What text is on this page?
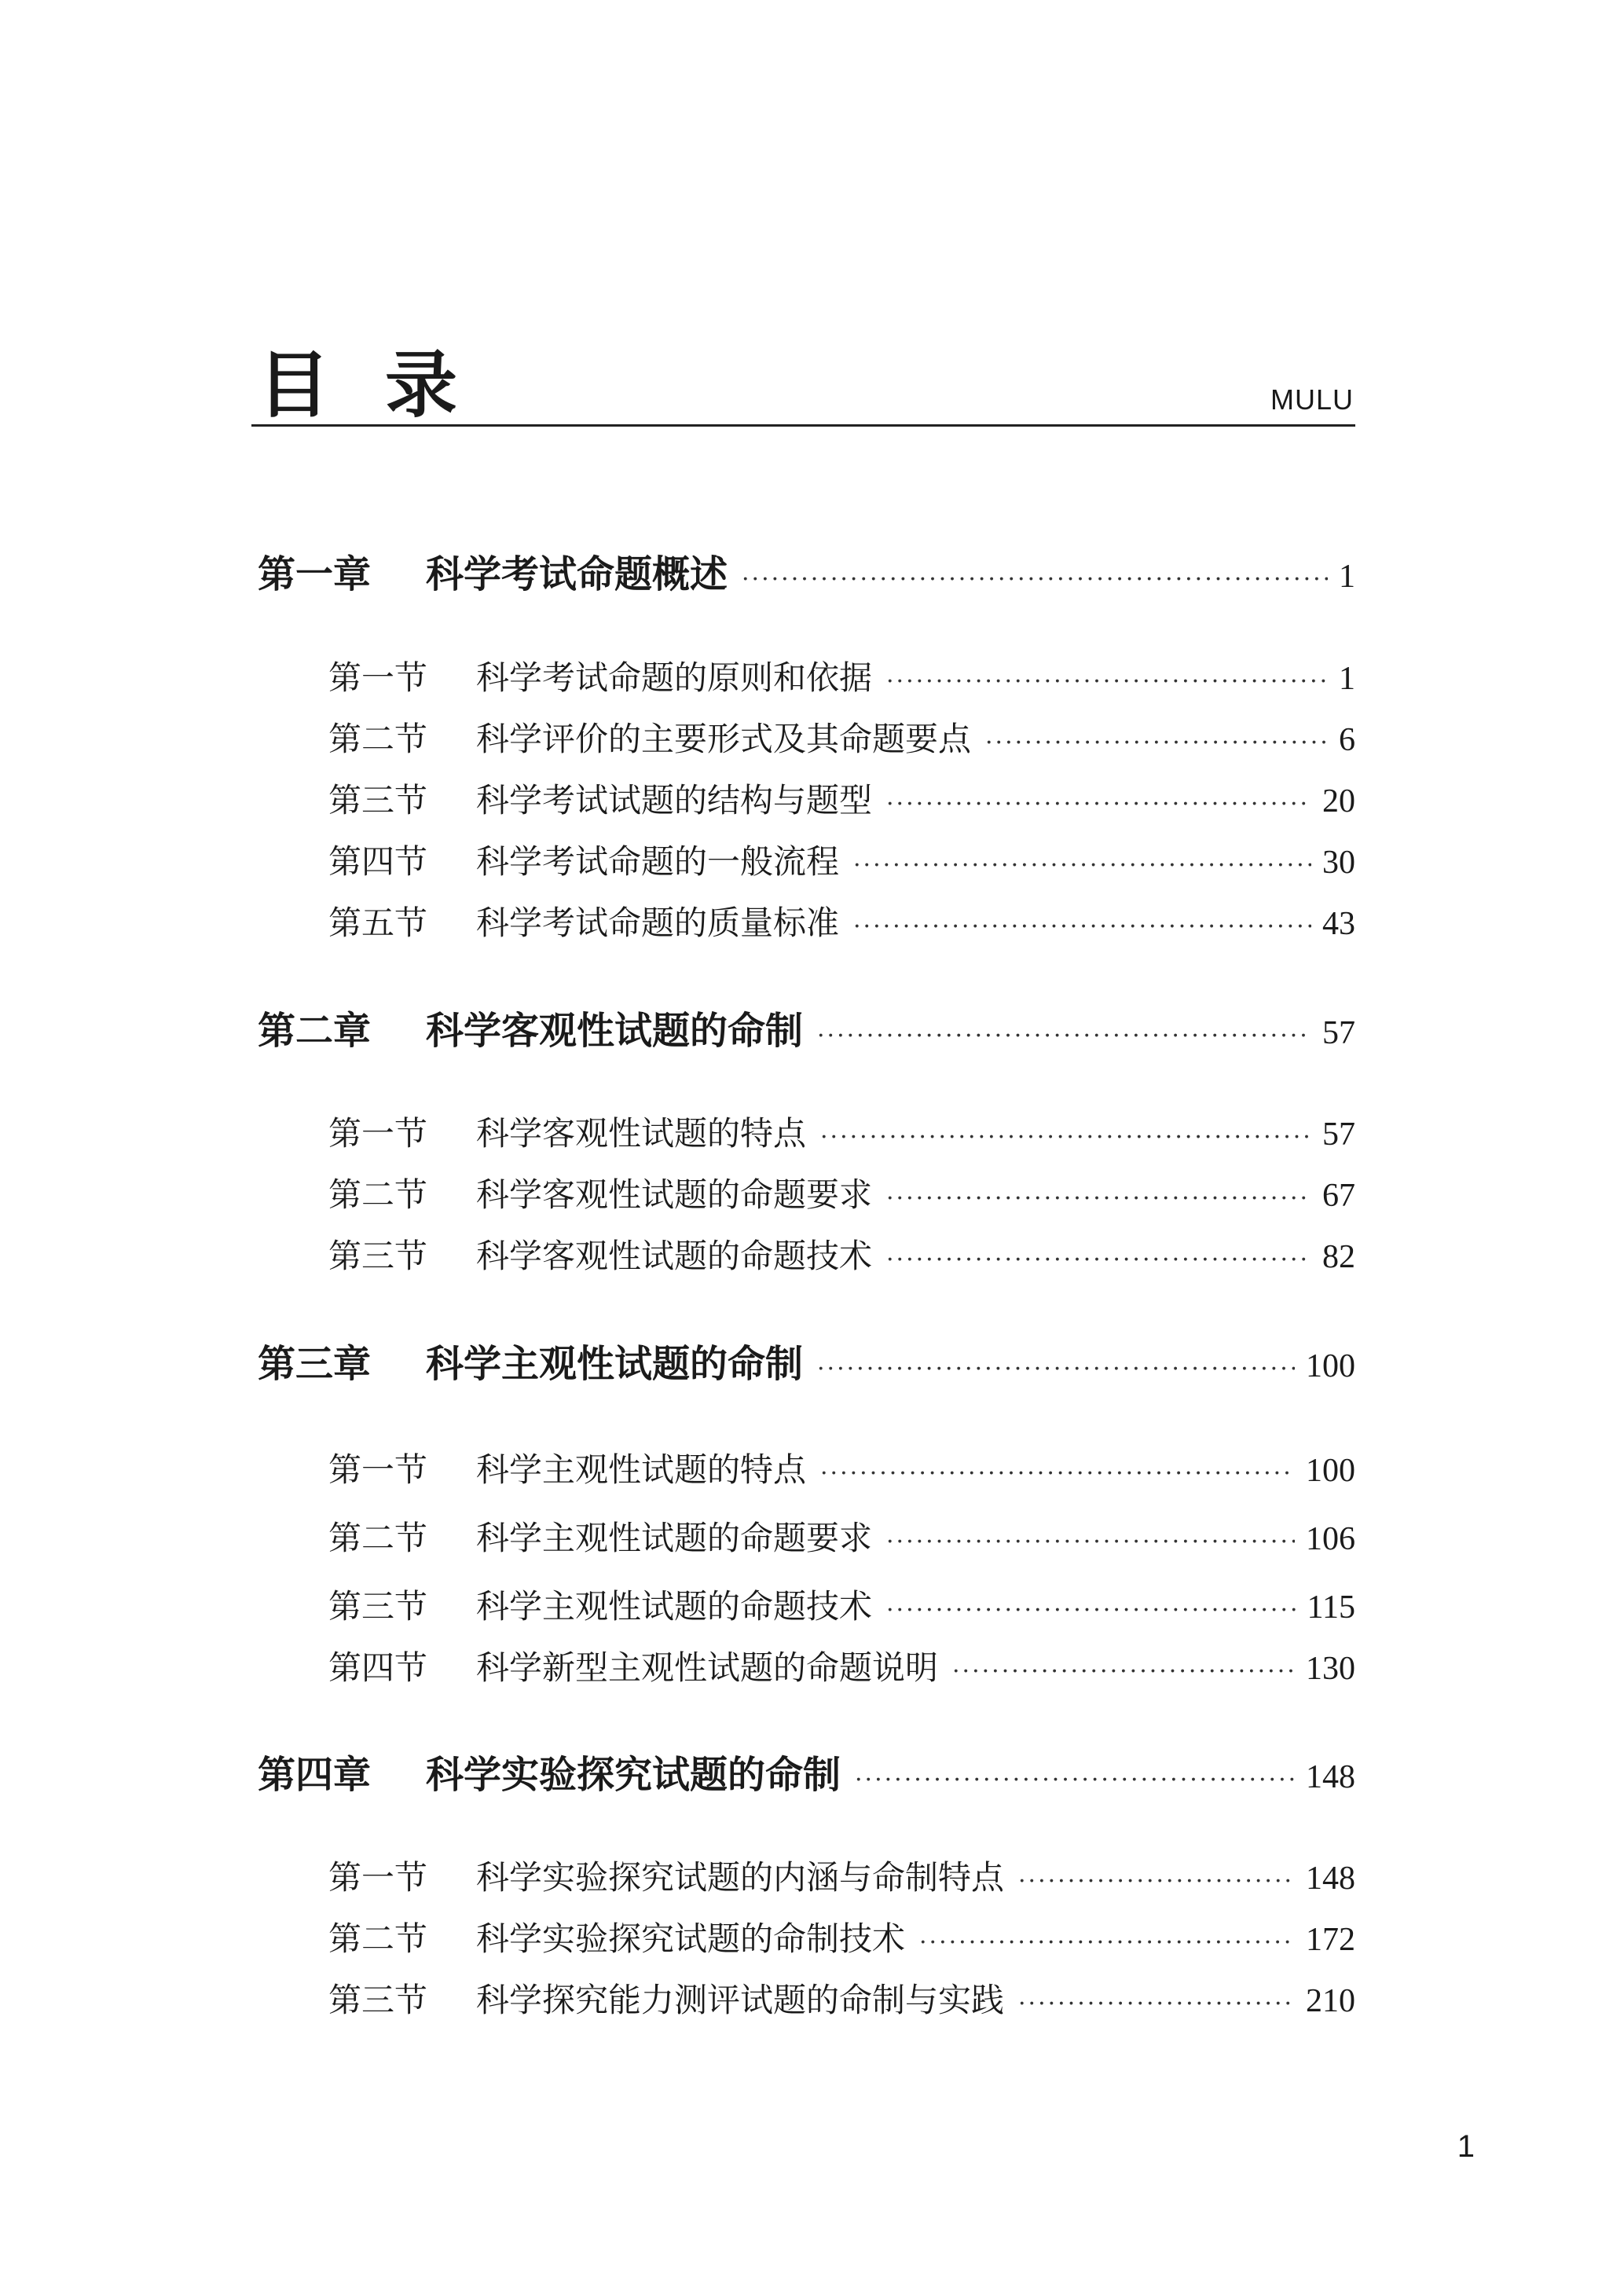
目录	MULU
第一章	科学考试命题概述 ·····	1
第一节	科学考试命题的原则和依据 ·····	1
第二节	科学评价的主要形式及其命题要点 ·····	6
第三节	科学考试试题的结构与题型 ·····	20
第四节	科学考试命题的一般流程 ·····	30
第五节	科学考试命题的质量标准 ·····	43
第二章	科学客观性试题的命制 ·····	57
第一节	科学客观性试题的特点 ·····	57
第二节	科学客观性试题的命题要求 ·····	67
第三节	科学客观性试题的命题技术 ·····	82
第三章	科学主观性试题的命制 ·····	100
第一节	科学主观性试题的特点 ·····	100
第二节	科学主观性试题的命题要求 ·····	106
第三节	科学主观性试题的命题技术 ·····	115
第四节	科学新型主观性试题的命题说明 ·····	130
第四章	科学实验探究试题的命制 ·····	148
第一节	科学实验探究试题的内涵与命制特点 ·····	148
第二节	科学实验探究试题的命制技术 ·····	172
第三节	科学探究能力测评试题的命制与实践 ·····	210
1
